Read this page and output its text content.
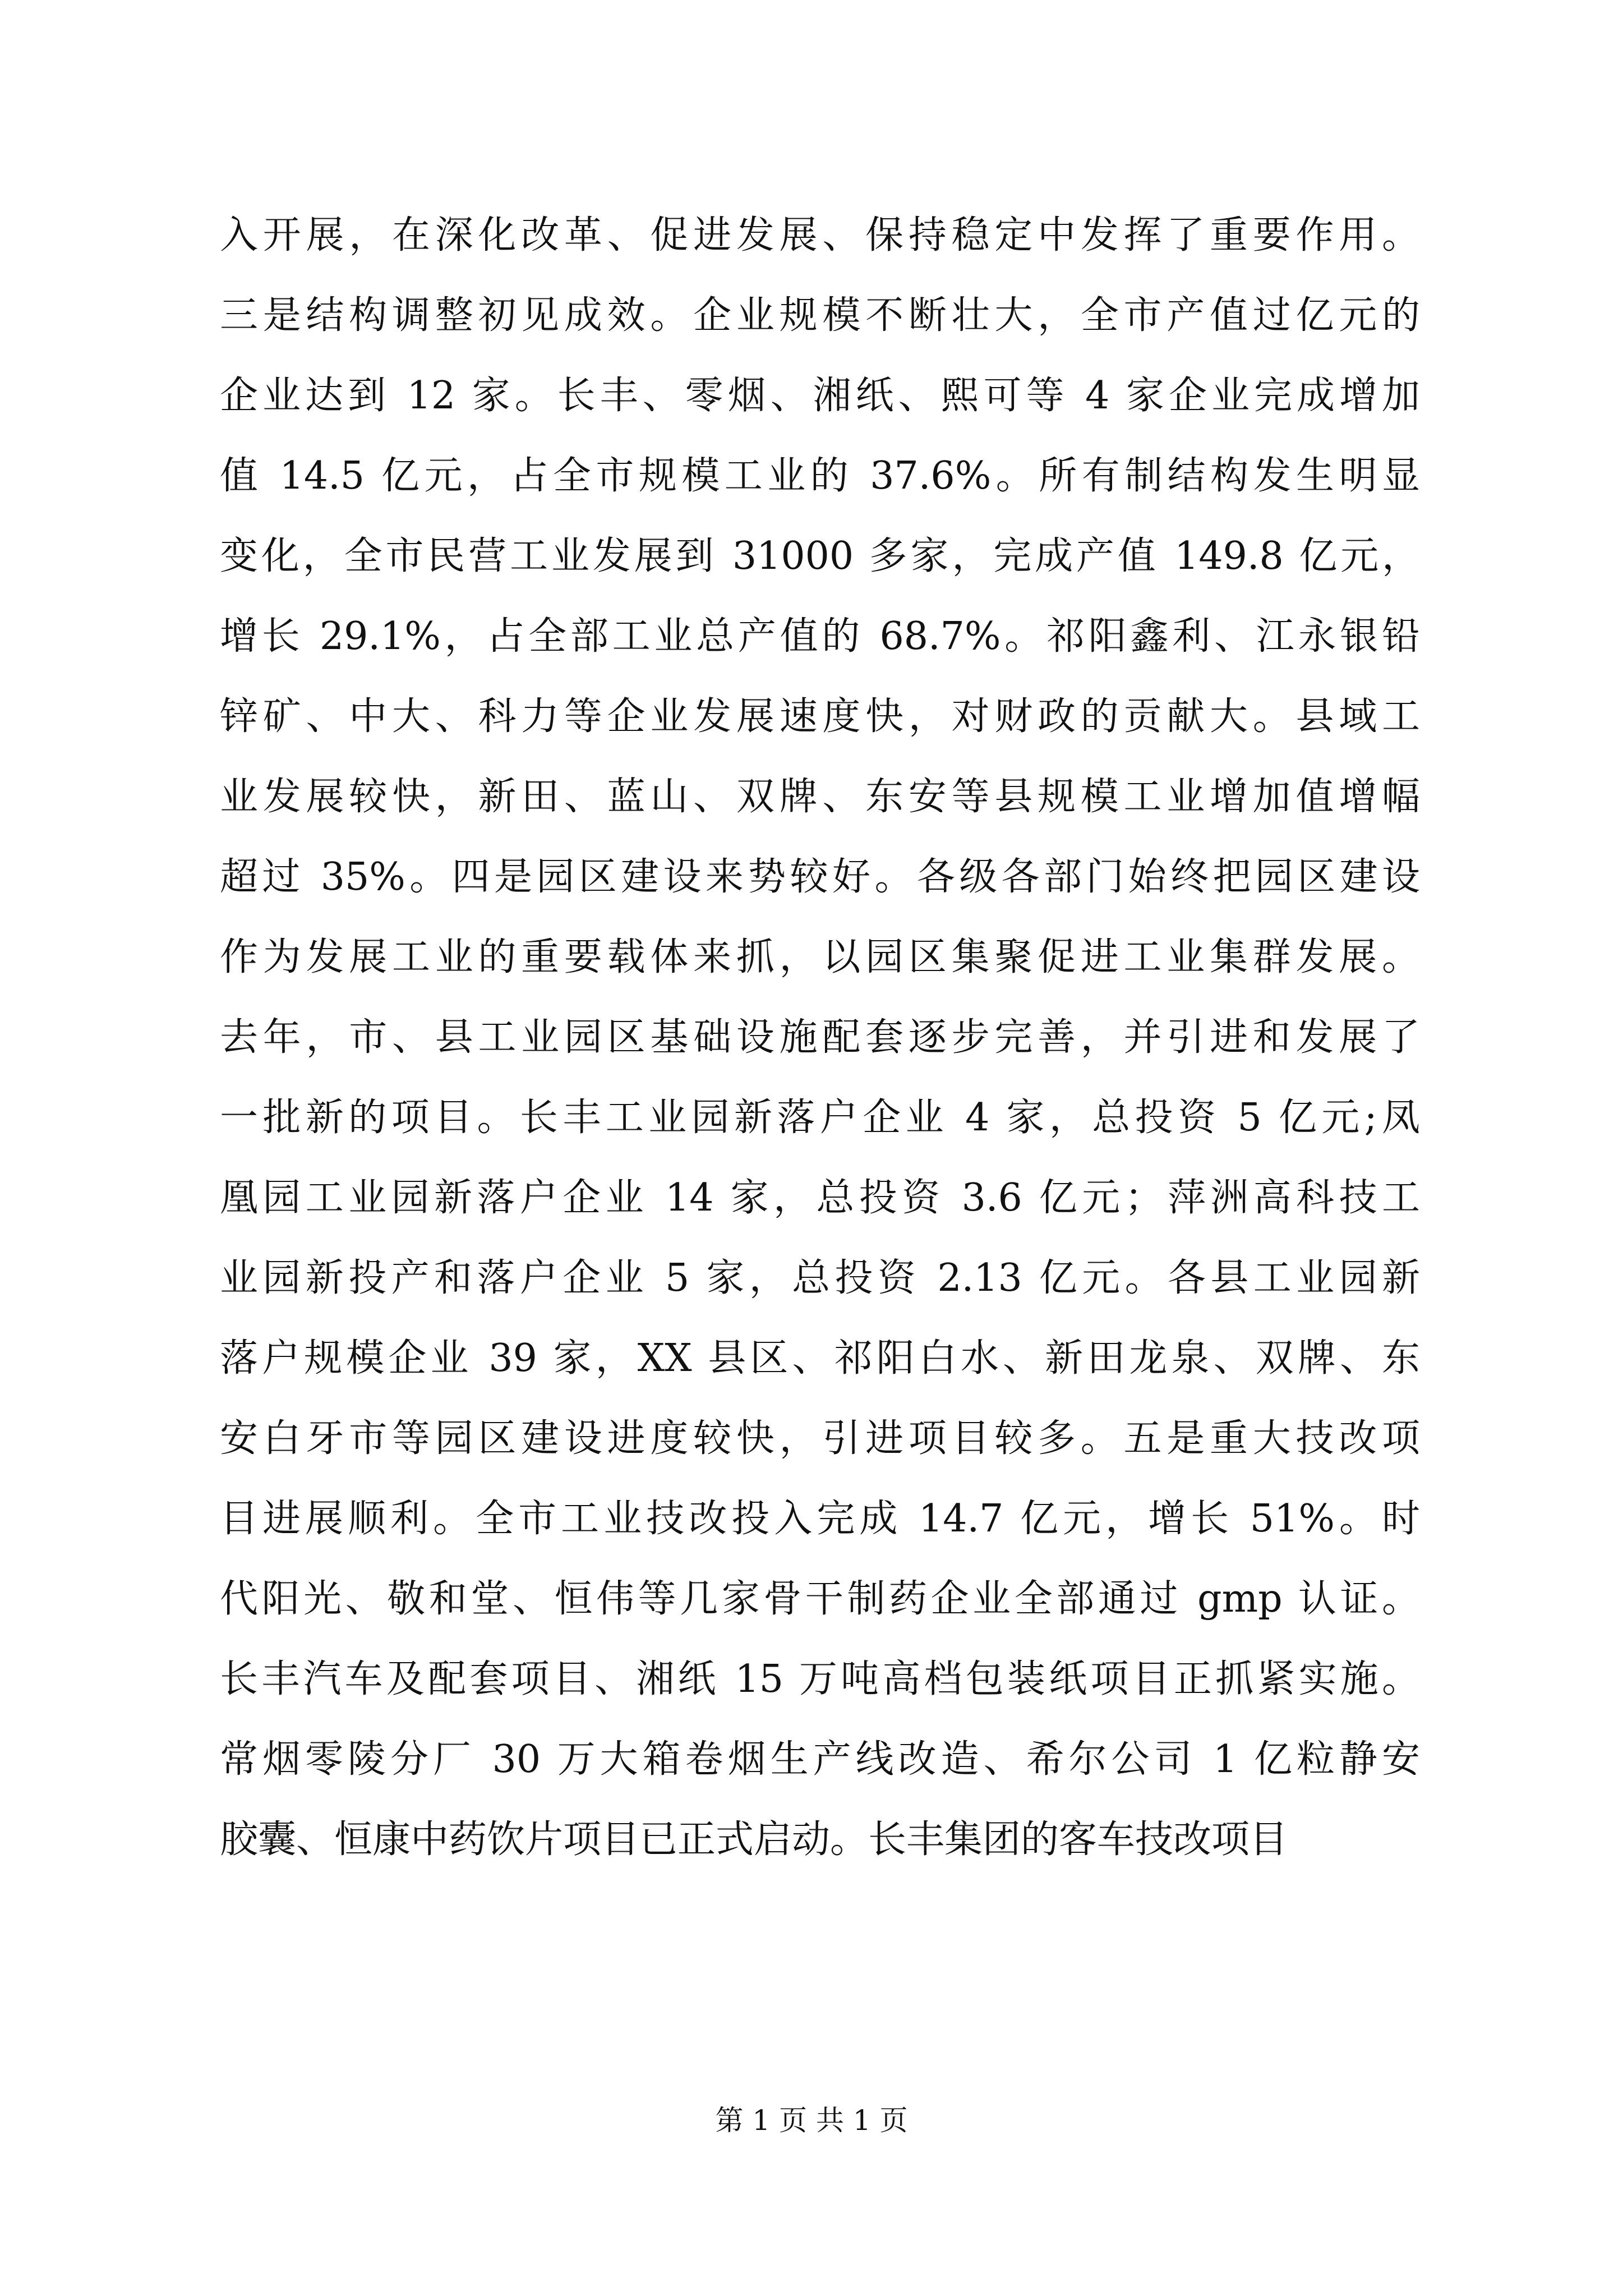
入开展，在深化改革、促进发展、保持稳定中发挥了重要作用。
三是结构调整初见成效。企业规模不断壮大，全市产值过亿元的
企业达到 12 家。长丰、零烟、湘纸、熙可等 4 家企业完成增加
值 14.5 亿元，占全市规模工业的 37.6%。所有制结构发生明显
变化，全市民营工业发展到 31000 多家，完成产值 149.8 亿元，
增长 29.1%，占全部工业总产值的 68.7%。祁阳鑫利、江永银铅
锌矿、中大、科力等企业发展速度快，对财政的贡献大。县域工
业发展较快，新田、蓝山、双牌、东安等县规模工业增加值增幅
超过 35%。四是园区建设来势较好。各级各部门始终把园区建设
作为发展工业的重要载体来抓，以园区集聚促进工业集群发展。
去年，市、县工业园区基础设施配套逐步完善，并引进和发展了
一批新的项目。长丰工业园新落户企业 4 家，总投资 5 亿元;凤
凰园工业园新落户企业 14 家，总投资 3.6 亿元；萍洲高科技工
业园新投产和落户企业 5 家，总投资 2.13 亿元。各县工业园新
落户规模企业 39 家，XX 县区、祁阳白水、新田龙泉、双牌、东
安白牙市等园区建设进度较快，引进项目较多。五是重大技改项
目进展顺利。全市工业技改投入完成 14.7 亿元，增长 51%。时
代阳光、敬和堂、恒伟等几家骨干制药企业全部通过 gmp 认证。
长丰汽车及配套项目、湘纸 15 万吨高档包装纸项目正抓紧实施。
常烟零陵分厂 30 万大箱卷烟生产线改造、希尔公司 1 亿粒静安
胶囊、恒康中药饮片项目已正式启动。长丰集团的客车技改项目
第 1 页 共 1 页
